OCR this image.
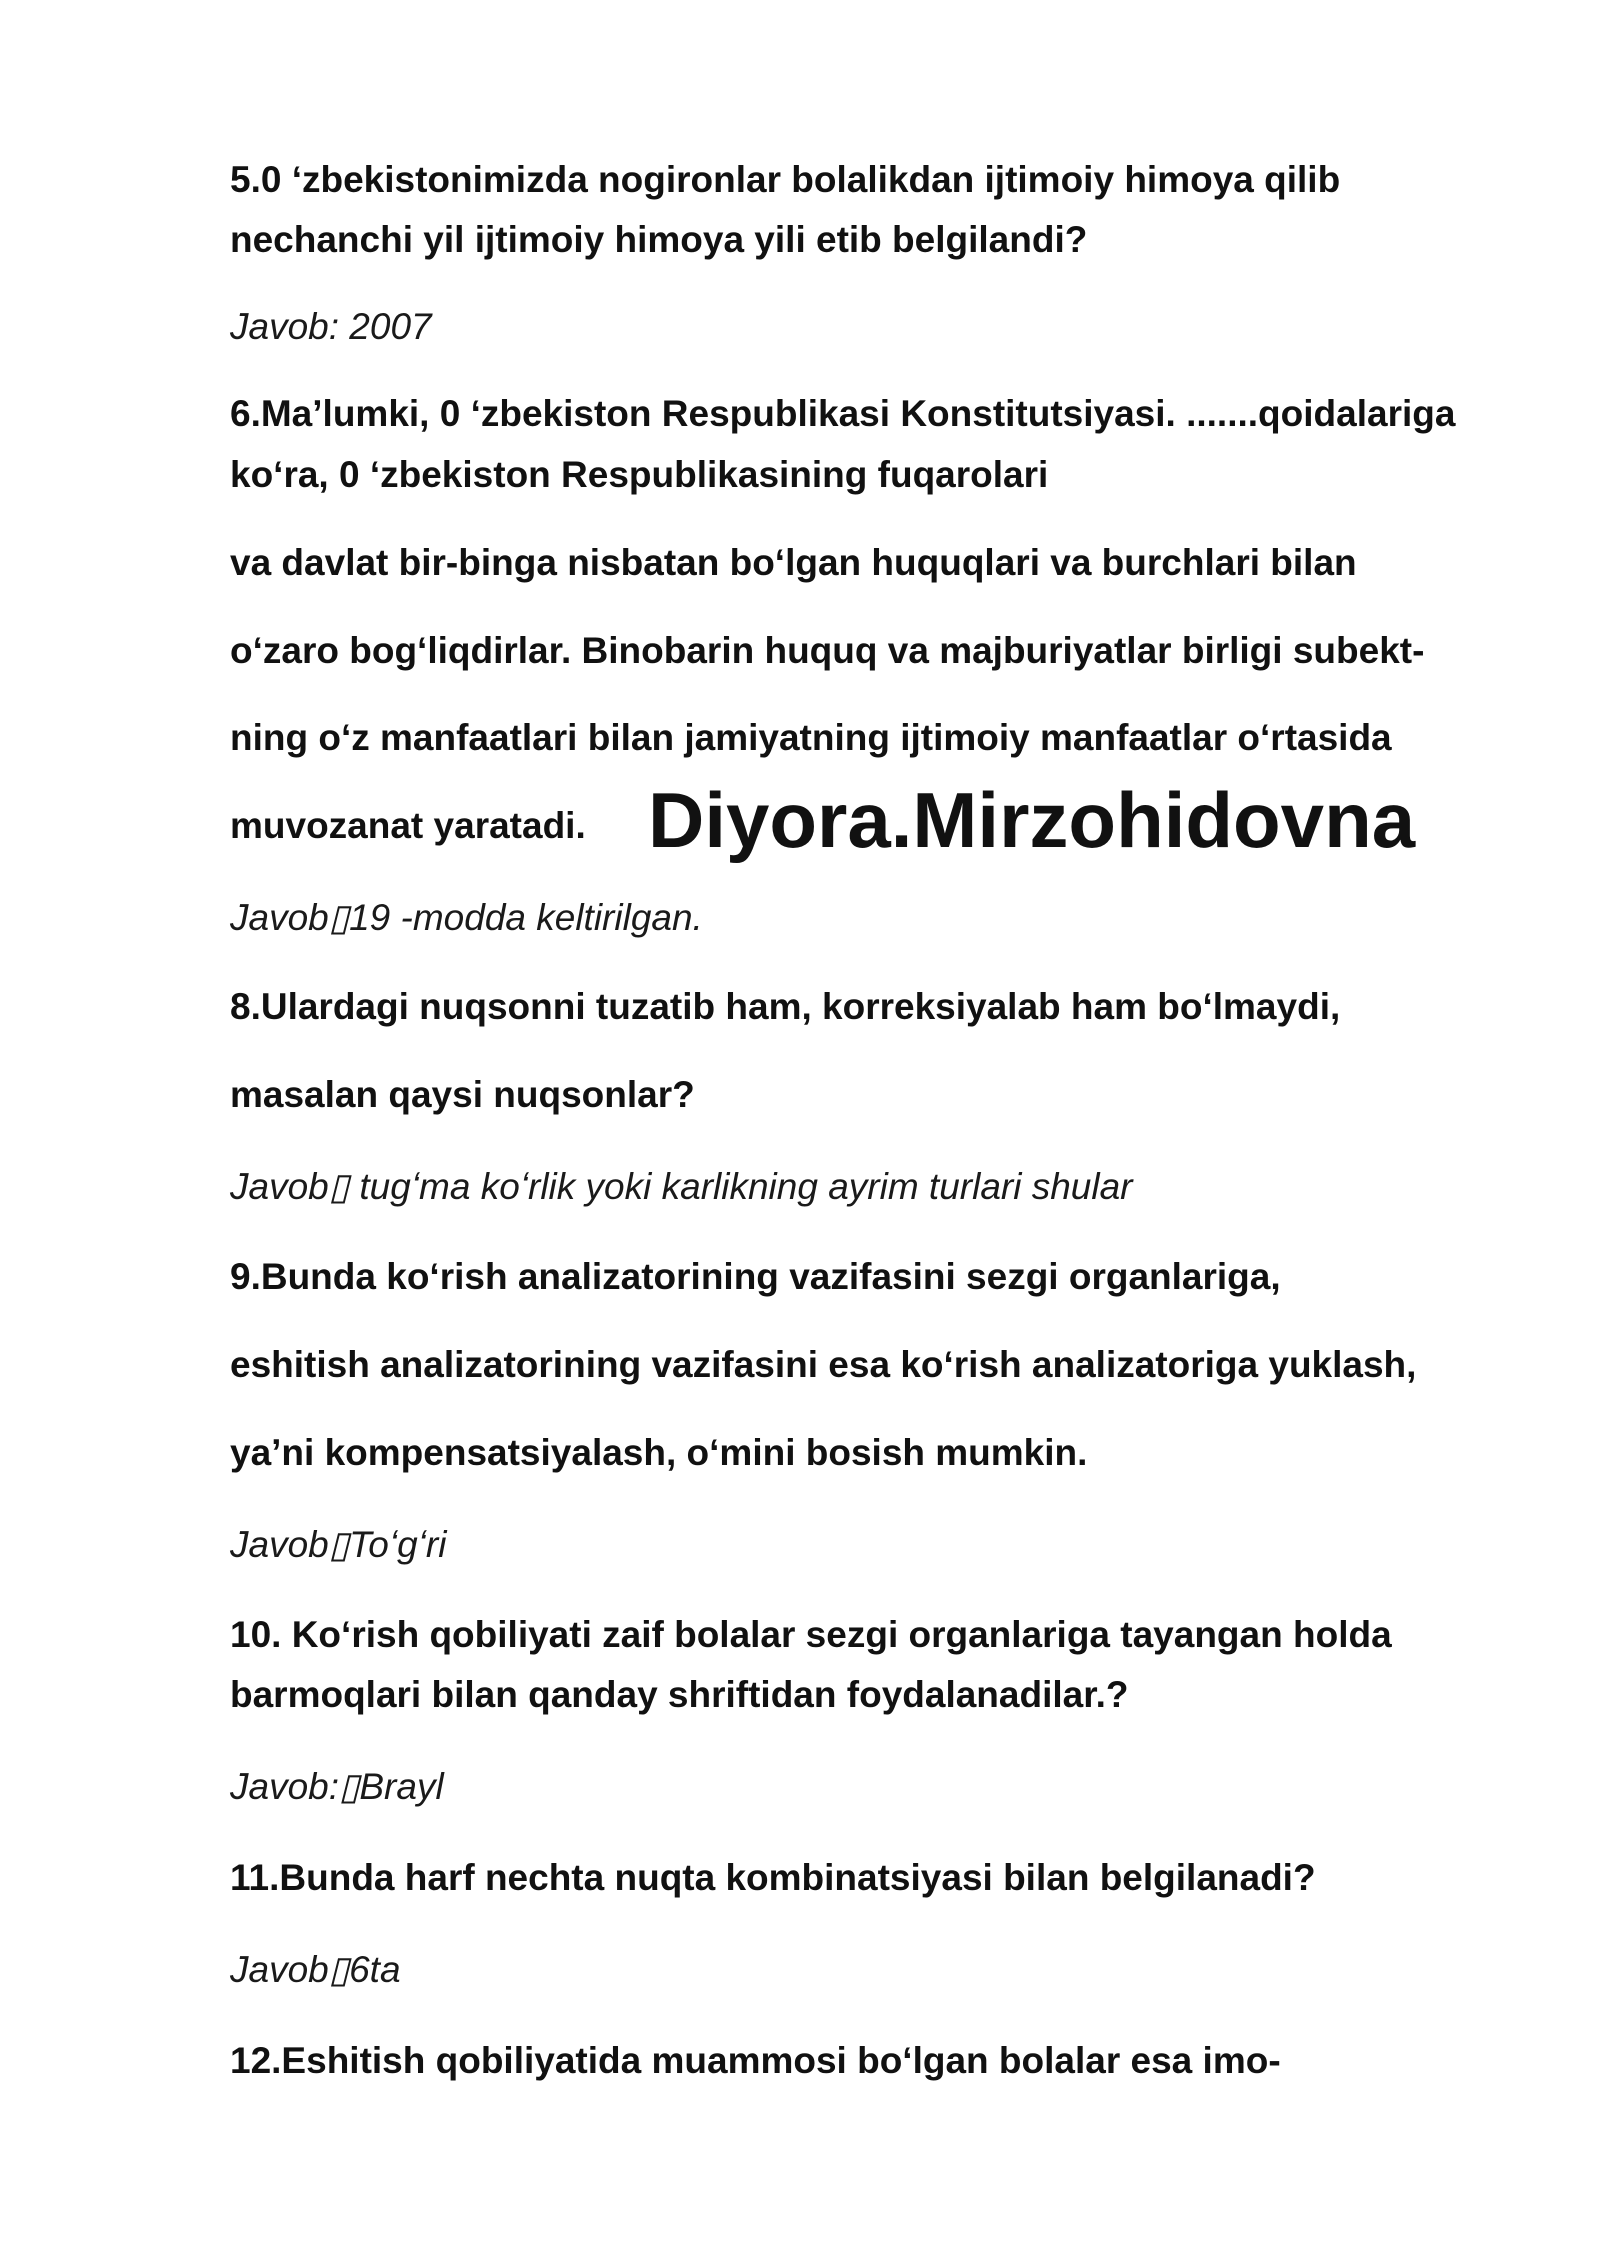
5.0 ʻzbekistonimizda nogironlar bolalikdan ijtimoiy himoya qilib

nechanchi yil ijtimoiy himoya yili etib belgilandi?

Javob: 2007

6.Ma’lumki, 0 ʻzbekiston Respublikasi Konstitutsiyasi. .......qoidalariga

koʻra, 0 ʻzbekiston Respublikasining fuqarolari

va davlat bir-binga nisbatan boʻlgan huquqlari va burchlari bilan

oʻzaro bogʻliqdirlar. Binobarin huquq va majburiyatlar birligi subekt-

ning oʻz manfaatlari bilan jamiyatning ijtimoiy manfaatlar oʻrtasida

muvozanat yaratadi. Diyora.Mirzohidovna

Javob▯19 -modda keltirilgan.

8.Ulardagi nuqsonni tuzatib ham, korreksiyalab ham boʻlmaydi,

masalan qaysi nuqsonlar?

Javob▯ tugʻma koʻrlik yoki karlikning ayrim turlari shular

9.Bunda koʻrish analizatorining vazifasini sezgi organlariga,

eshitish analizatorining vazifasini esa koʻrish analizatoriga yuklash,

ya’ni kompensatsiyalash, oʻmini bosish mumkin.

Javob▯Toʻgʻri

10. Koʻrish qobiliyati zaif bolalar sezgi organlariga tayangan holda

barmoqlari bilan qanday shriftidan foydalanadilar.?

Javob:▯Brayl

11.Bunda harf nechta nuqta kombinatsiyasi bilan belgilanadi?

Javob▯6ta

12.Eshitish qobiliyatida muammosi boʻlgan bolalar esa imo-
